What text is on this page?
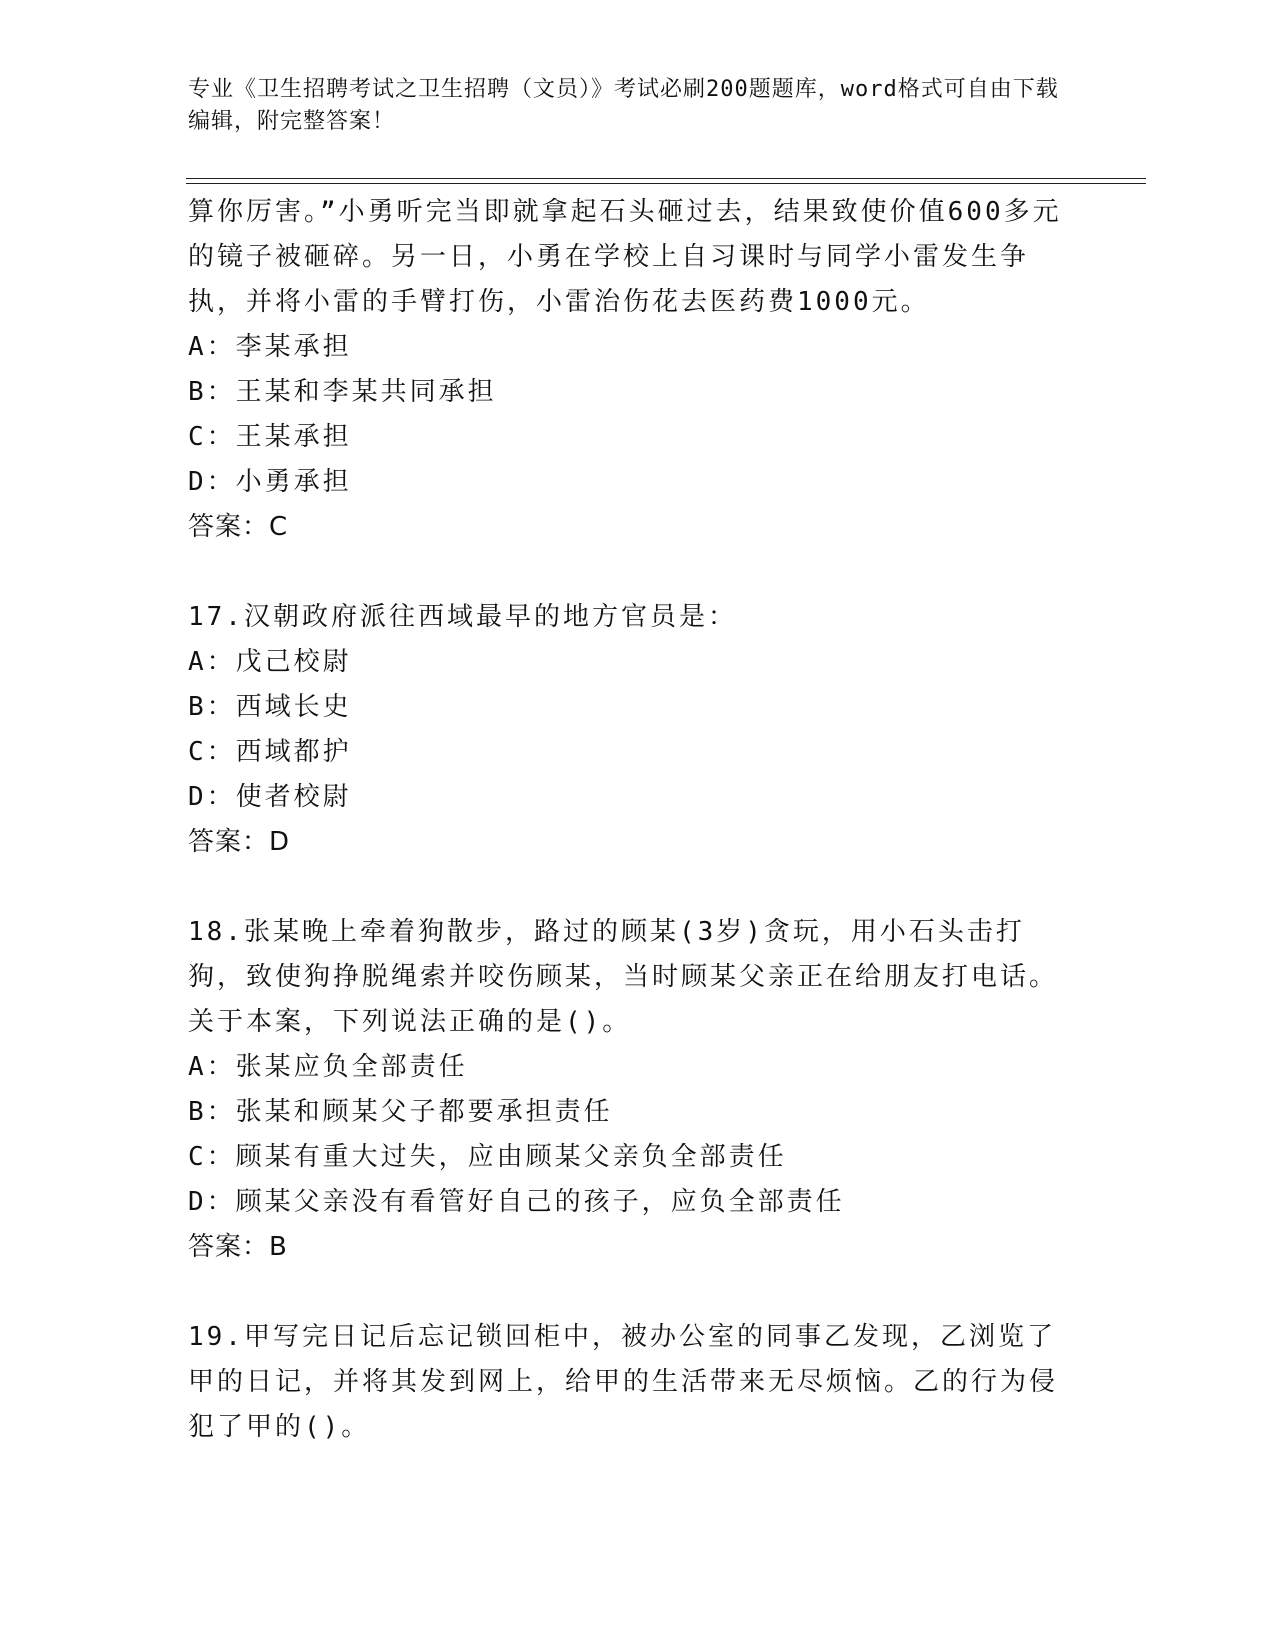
专业《卫生招聘考试之卫生招聘（文员）》考试必刷200题题库，word格式可自由下载编辑，附完整答案！

算你厉害。”小勇听完当即就拿起石头砸过去，结果致使价值600多元的镜子被砸碎。另一日，小勇在学校上自习课时与同学小雷发生争执，并将小雷的手臂打伤，小雷治伤花去医药费1000元。

A：李某承担

B：王某和李某共同承担

C：王某承担

D：小勇承担

答案：C

17.汉朝政府派往西域最早的地方官员是：

A：戊己校尉

B：西域长史

C：西域都护

D：使者校尉

答案：D

18.张某晚上牵着狗散步，路过的顾某(3岁)贪玩，用小石头击打狗，致使狗挣脱绳索并咬伤顾某，当时顾某父亲正在给朋友打电话。关于本案，下列说法正确的是()。

A：张某应负全部责任

B：张某和顾某父子都要承担责任

C：顾某有重大过失，应由顾某父亲负全部责任

D：顾某父亲没有看管好自己的孩子，应负全部责任

答案：B

19.甲写完日记后忘记锁回柜中，被办公室的同事乙发现，乙浏览了甲的日记，并将其发到网上，给甲的生活带来无尽烦恼。乙的行为侵犯了甲的()。
